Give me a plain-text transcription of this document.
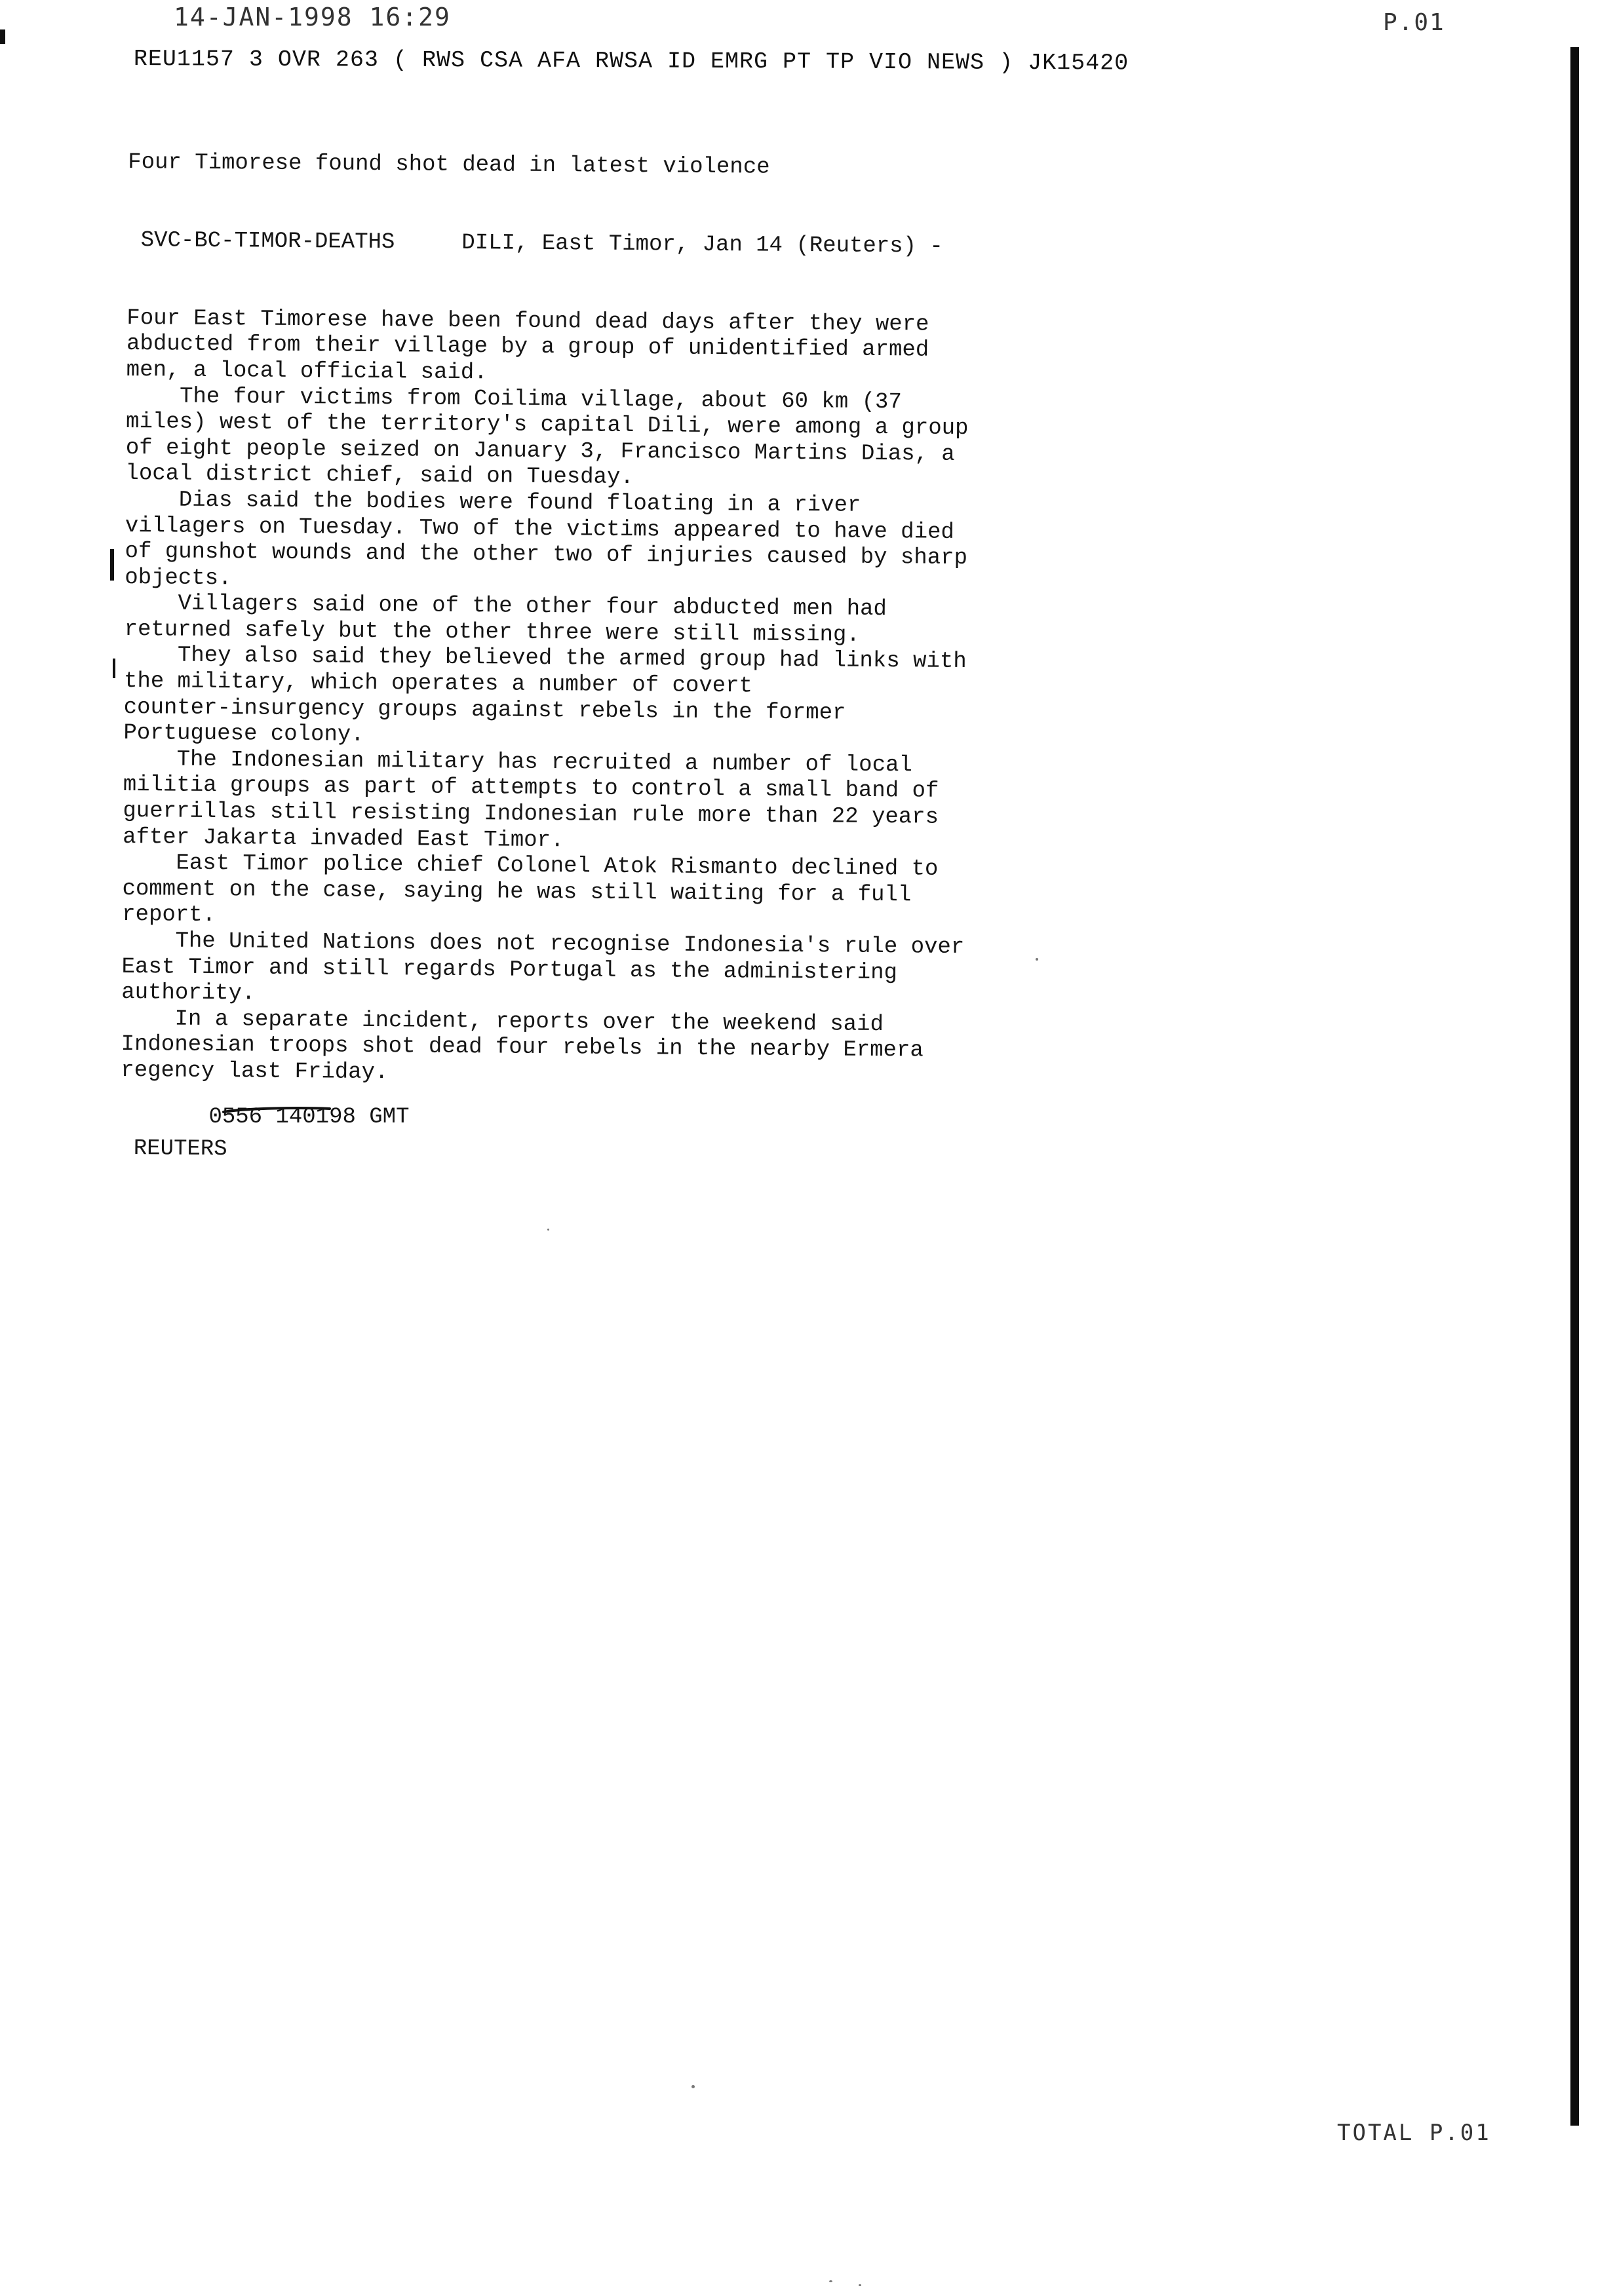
14-JAN-1998 16:29	P.01
REU1157 3 OVR 263 ( RWS CSA AFA RWSA ID EMRG PT TP VIO NEWS ) JK15420

Four Timorese found shot dead in latest violence

SVC-BC-TIMOR-DEATHS     DILI, East Timor, Jan 14 (Reuters) -

Four East Timorese have been found dead days after they were
abducted from their village by a group of unidentified armed
men, a local official said.
The four victims from Coilima village, about 60 km (37
miles) west of the territory's capital Dili, were among a group
of eight people seized on January 3, Francisco Martins Dias, a
local district chief, said on Tuesday.
Dias said the bodies were found floating in a river
villagers on Tuesday. Two of the victims appeared to have died
of gunshot wounds and the other two of injuries caused by sharp
objects.
Villagers said one of the other four abducted men had
returned safely but the other three were still missing.
They also said they believed the armed group had links with
the military, which operates a number of covert
counter-insurgency groups against rebels in the former
Portuguese colony.
The Indonesian military has recruited a number of local
militia groups as part of attempts to control a small band of
guerrillas still resisting Indonesian rule more than 22 years
after Jakarta invaded East Timor.
East Timor police chief Colonel Atok Rismanto declined to
comment on the case, saying he was still waiting for a full
report.
The United Nations does not recognise Indonesia's rule over
East Timor and still regards Portugal as the administering
authority.
In a separate incident, reports over the weekend said
Indonesian troops shot dead four rebels in the nearby Ermera
regency last Friday.

REUTERS

0556 140198 GMT

TOTAL P.01
